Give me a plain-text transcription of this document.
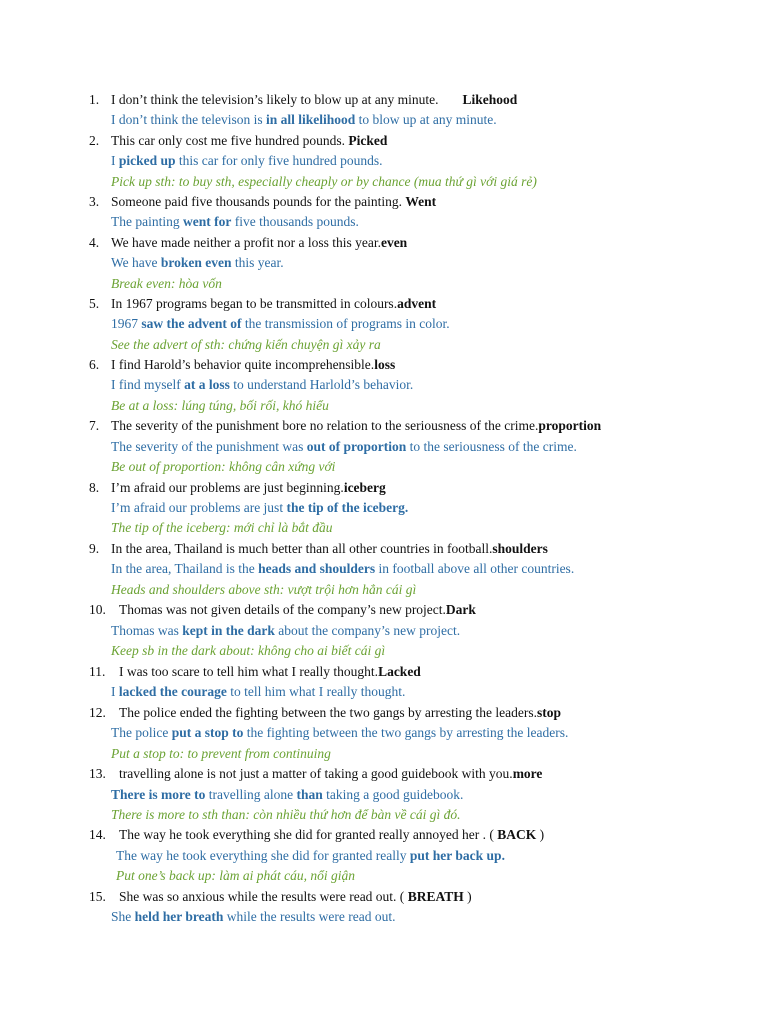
1. I don’t think the television’s likely to blow up at any minute. Likehood
I don’t think the televison is in all likelihood to blow up at any minute.
2. This car only cost me five hundred pounds. Picked
I picked up this car for only five hundred pounds.
Pick up sth: to buy sth, especially cheaply or by chance (mua thứ gì với giá rẻ)
3. Someone paid five thousands pounds for the painting. Went
The painting went for five thousands pounds.
4. We have made neither a profit nor a loss this year.even
We have broken even this year.
Break even: hòa vốn
5. In 1967 programs began to be transmitted in colours.advent
1967 saw the advent of the transmission of programs in color.
See the advert of sth: chứng kiến chuyện gì xảy ra
6. I find Harold’s behavior quite incomprehensible.loss
I find myself at a loss to understand Harlold’s behavior.
Be at a loss: lúng túng, bối rối, khó hiểu
7. The severity of the punishment bore no relation to the seriousness of the crime.proportion
The severity of the punishment was out of proportion to the seriousness of the crime.
Be out of proportion: không cân xứng với
8. I’m afraid our problems are just beginning.iceberg
I’m afraid our problems are just the tip of the iceberg.
The tip of the iceberg: mới chỉ là bắt đầu
9. In the area, Thailand is much better than all other countries in football.shoulders
In the area, Thailand is the heads and shoulders in football above all other countries.
Heads and shoulders above sth: vượt trội hơn hẳn cái gì
10. Thomas was not given details of the company’s new project.Dark
Thomas was kept in the dark about the company’s new project.
Keep sb in the dark about: không cho ai biết cái gì
11. I was too scare to tell him what I really thought.Lacked
I lacked the courage to tell him what I really thought.
12. The police ended the fighting between the two gangs by arresting the leaders.stop
The police put a stop to the fighting between the two gangs by arresting the leaders.
Put a stop to: to prevent from continuing
13. travelling alone is not just a matter of taking a good guidebook with you.more
There is more to travelling alone than taking a good guidebook.
There is more to sth than: còn nhiều thứ hơn để bàn về cái gì đó.
14. The way he took everything she did for granted really annoyed her . ( BACK )
The way he took everything she did for granted really put her back up.
Put one’s back up: làm ai phát cáu, nổi giận
15. She was so anxious while the results were read out. ( BREATH )
She held her breath while the results were read out.
